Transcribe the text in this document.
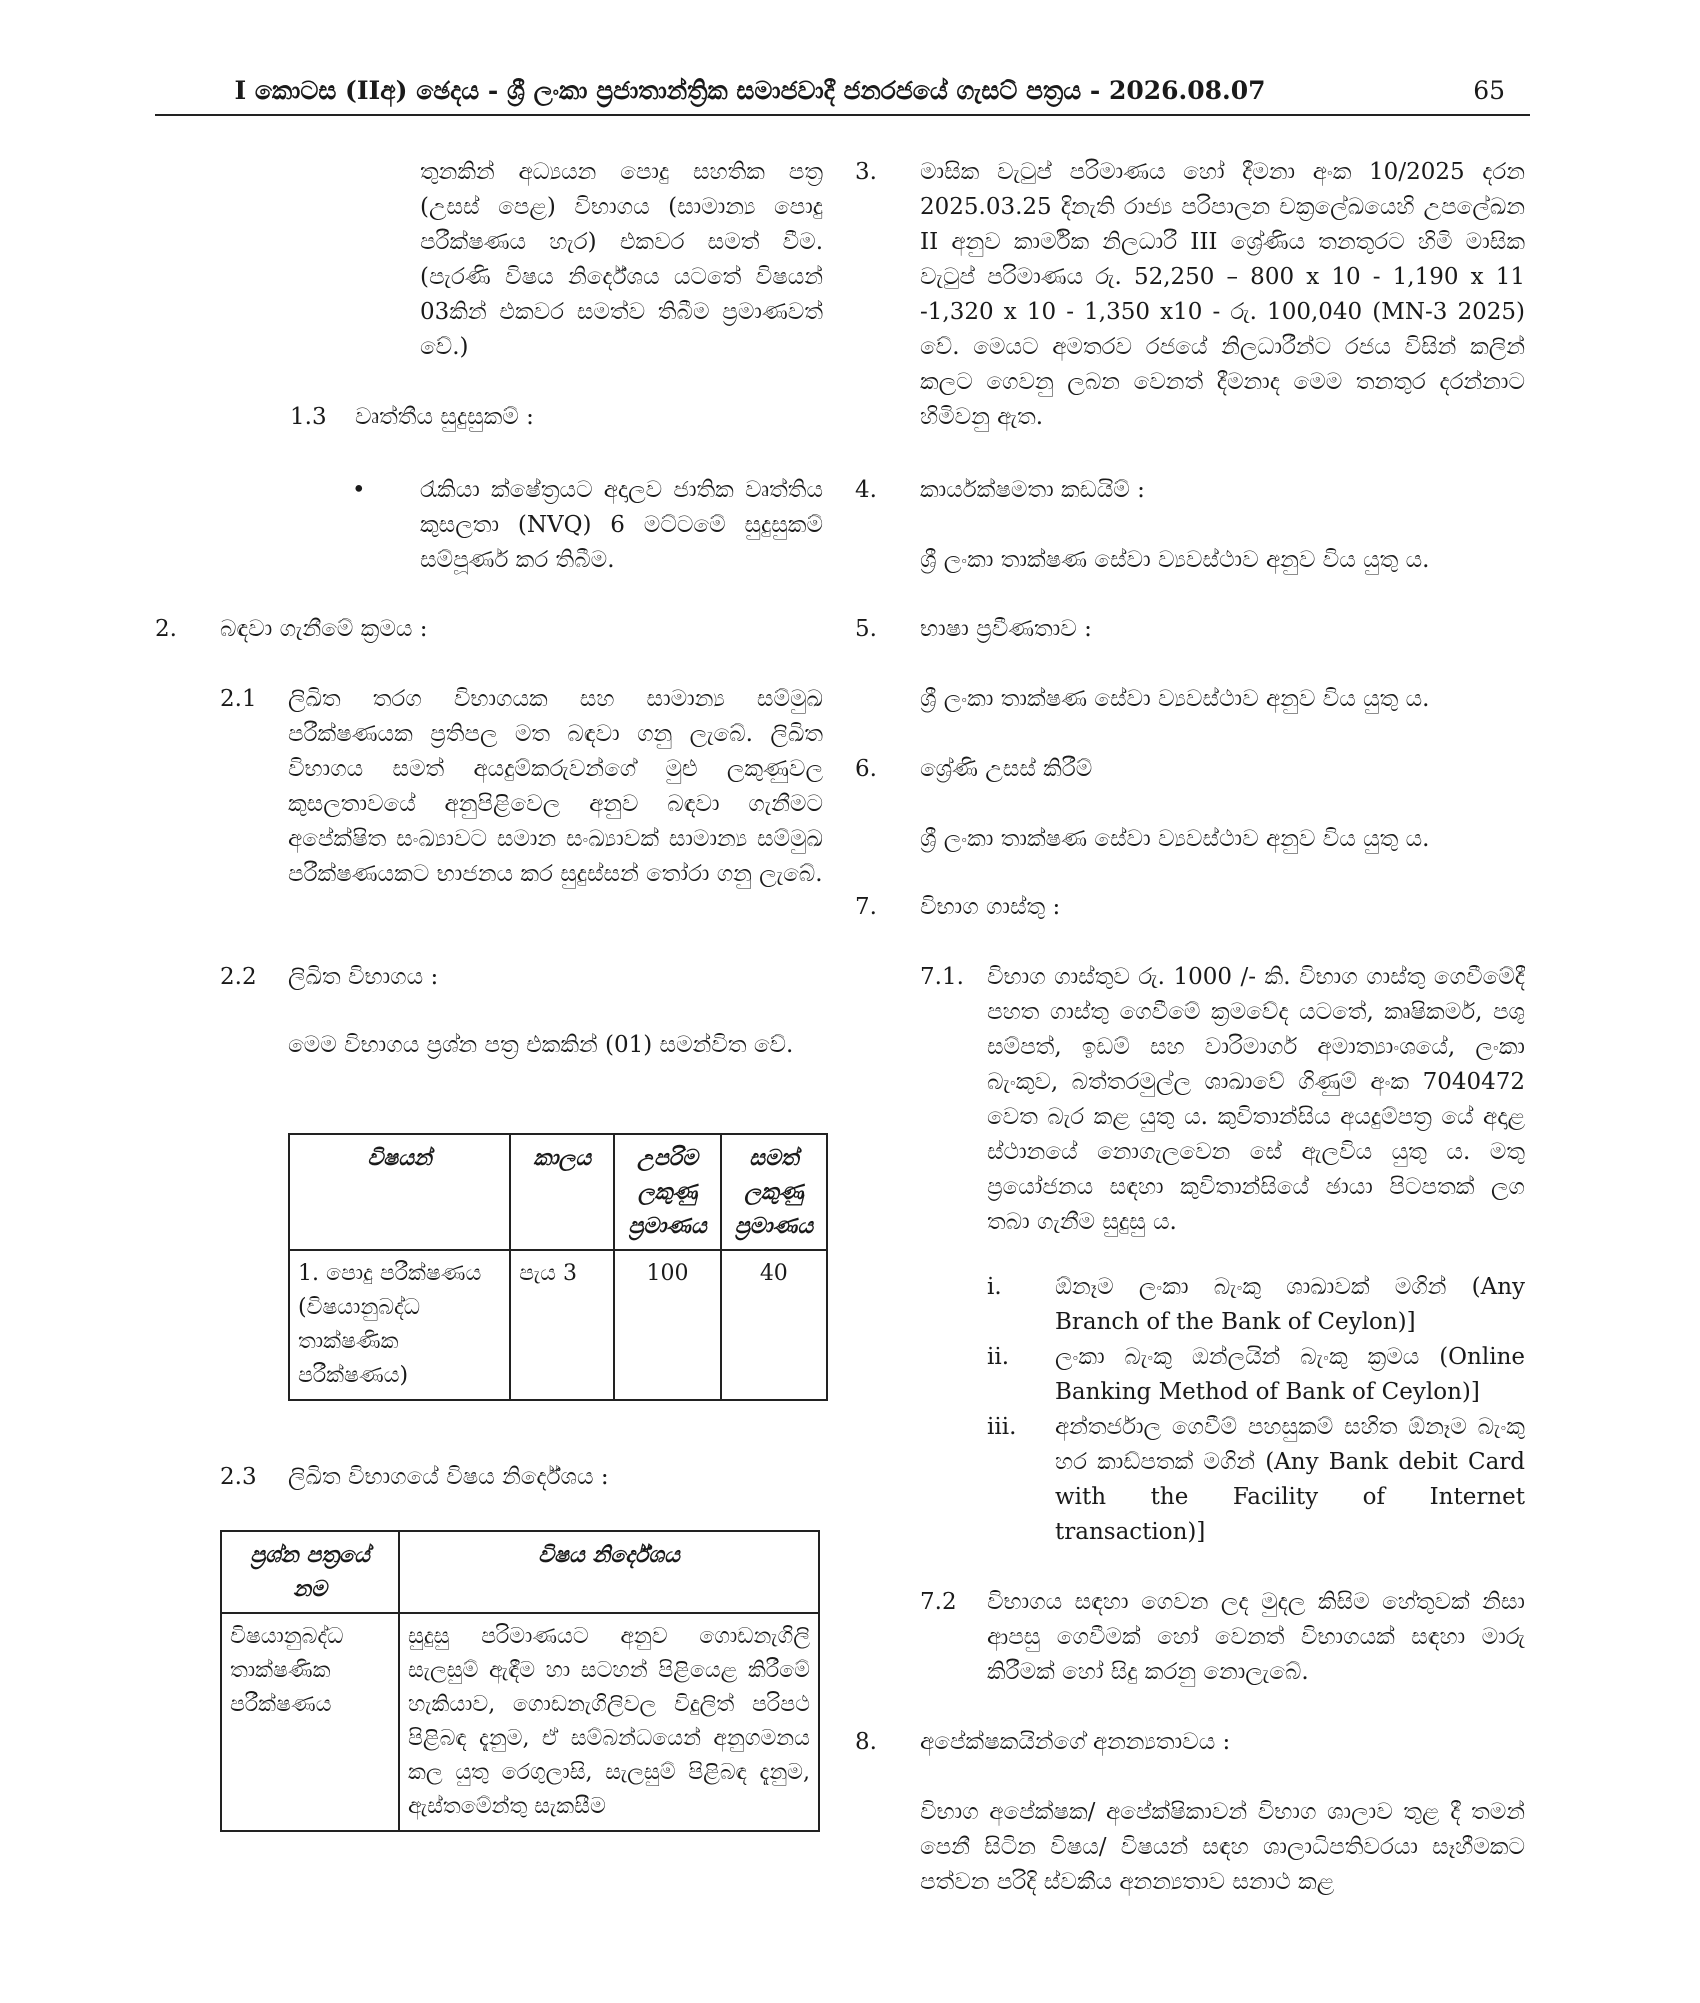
I කොටස (IIඅ) ඡෙදය - ශ්‍රී ලංකා ප්‍රජාතාන්ත්‍රික සමාජවාදී ජනරජයේ ගැසට් පත්‍රය - 2026.08.07	65
තුනකින් අධ්‍යයන පොදු සහතික පත්‍ර (උසස් පෙළ) විභාගය (සාමාන්‍ය පොදු පරීක්ෂණය හැර) එකවර සමත් වීම. (පැරණි විෂය නිර්දේශය යටතේ විෂයන් 03කින් එකවර සමත්ව තිබීම ප්‍රමාණවත් වේ.)
1.3 වෘත්තීය සුදුසුකම් :
• රැකියා ක්ෂේත්‍රයට අදාලව ජාතික වෘත්තිය කුසලතා (NVQ) 6 මට්ටමේ සුදුසුකම් සම්පූර්ණ කර තිබීම.
2. බඳවා ගැනීමේ ක්‍රමය :
2.1 ලිඛිත තරග විභාගයක සහ සාමාන්‍ය සම්මුඛ පරීක්ෂණයක ප්‍රතිපල මත බඳවා ගනු ලැබේ. ලිඛිත විභාගය සමත් අයදුම්කරුවන්ගේ මුළු ලකුණුවල කුසලතාවයේ අනුපිළිවෙල අනුව බඳවා ගැනීමට අපේක්ෂිත සංඛ්‍යාවට සමාන සංඛ්‍යාවක් සාමාන්‍ය සම්මුඛ පරීක්ෂණයකට භාජනය කර සුදුස්සන් තෝරා ගනු ලැබේ.
2.2 ලිඛිත විභාගය :
මෙම විභාගය ප්‍රශ්න පත්‍ර එකකින් (01) සමන්විත වේ.
විෂයන්	කාලය	උපරිම ලකුණු ප්‍රමාණය	සමත් ලකුණු ප්‍රමාණය
1. පොදු පරීක්ෂණය (විෂයානුබද්ධ තාක්ෂණික පරීක්ෂණය)	පැය 3	100	40
2.3 ලිඛිත විභාගයේ විෂය නිර්දේශය :
ප්‍රශ්න පත්‍රයේ නම	විෂය නිර්දේශය
විෂයානුබද්ධ තාක්ෂණික පරීක්ෂණය	සුදුසු පරිමාණයට අනුව ගොඩනැගිලි සැලසුම් ඇඳීම හා සටහන් පිළියෙළ කිරීමේ හැකියාව, ගොඩනැගිලිවල විදුලිත් පරිපථ පිළිබඳ දැනුම, ඒ සම්බන්ධයෙන් අනුගමනය කල යුතු රෙගුලාසි, සැලසුම් පිළිබඳ දැනුම, ඇස්තමේන්තු සැකසීම
3. මාසික වැටුප් පරිමාණය හෝ දීමනා අංක 10/2025 දරන 2025.03.25 දිනැති රාජ්‍ය පරිපාලන චක්‍රලේඛයෙහි උපලේඛන II අනුව කාර්මික නිලධාරී III ශ්‍රේණිය තනතුරට හිමි මාසික වැටුප් පරිමාණය රු. 52,250 – 800 x 10 - 1,190 x 11 -1,320 x 10 - 1,350 x10 - රු. 100,040 (MN-3 2025) වේ. මෙයට අමතරව රජයේ නිලධාරීන්ට රජය විසින් කලින් කලට ගෙවනු ලබන වෙනත් දීමනාද මෙම තනතුර දරන්නාට හිමිවනු ඇත.
4. කාර්යක්ෂමතා කඩයිම් :
ශ්‍රී ලංකා තාක්ෂණ සේවා ව්‍යවස්ථාව අනුව විය යුතු ය.
5. භාෂා ප්‍රවීණතාව :
ශ්‍රී ලංකා තාක්ෂණ සේවා ව්‍යවස්ථාව අනුව විය යුතු ය.
6. ශ්‍රේණි උසස් කිරීම්
ශ්‍රී ලංකා තාක්ෂණ සේවා ව්‍යවස්ථාව අනුව විය යුතු ය.
7. විභාග ගාස්තු :
7.1. විභාග ගාස්තුව රු. 1000 /- කි. විභාග ගාස්තු ගෙවීමේදී පහත ගාස්තු ගෙවීමේ ක්‍රමවේද යටතේ, කෘෂිකර්ම, පශු සම්පත්, ඉඩම් සහ වාරිමාර්ග අමාත්‍යාංශයේ, ලංකා බැංකුව, බත්තරමුල්ල ශාඛාවේ ගිණුම් අංක 7040472 වෙත බැර කළ යුතු ය. කුවිතාන්සිය අයදුම්පත්‍ර යේ අදාළ ස්ථානයේ නොගැලවෙන සේ ඇලවිය යුතු ය. මතු ප්‍රයෝජනය සඳහා කුවිතාන්සියේ ඡායා පිටපතක් ලග තබා ගැනීම සුදුසු ය.
i. ඕනෑම ලංකා බැංකු ශාඛාවක් මගින් (Any Branch of the Bank of Ceylon)]
ii. ලංකා බැංකු ඔන්ලයින් බැංකු ක්‍රමය (Online Banking Method of Bank of Ceylon)]
iii. අන්තර්ජාල ගෙවීම් පහසුකම් සහිත ඕනෑම බැංකු හර කාඩ්පතක් මගින් (Any Bank debit Card with the Facility of Internet transaction)]
7.2 විභාගය සඳහා ගෙවන ලද මුදල කිසිම හේතුවක් නිසා ආපසු ගෙවීමක් හෝ වෙනත් විභාගයක් සඳහා මාරු කිරීමක් හෝ සිදු කරනු නොලැබේ.
8. අපේක්ෂකයින්ගේ අනන්‍යතාවය :
විභාග අපේක්ෂක/ අපේක්ෂිකාවන් විභාග ශාලාව තුළ දී තමන් පෙනී සිටින විෂය/ විෂයන් සඳහ ශාලාධිපතිවරයා සෑහීමකට පත්වන පරිදි ස්වකීය අනන්‍යතාව සනාථ කළ
